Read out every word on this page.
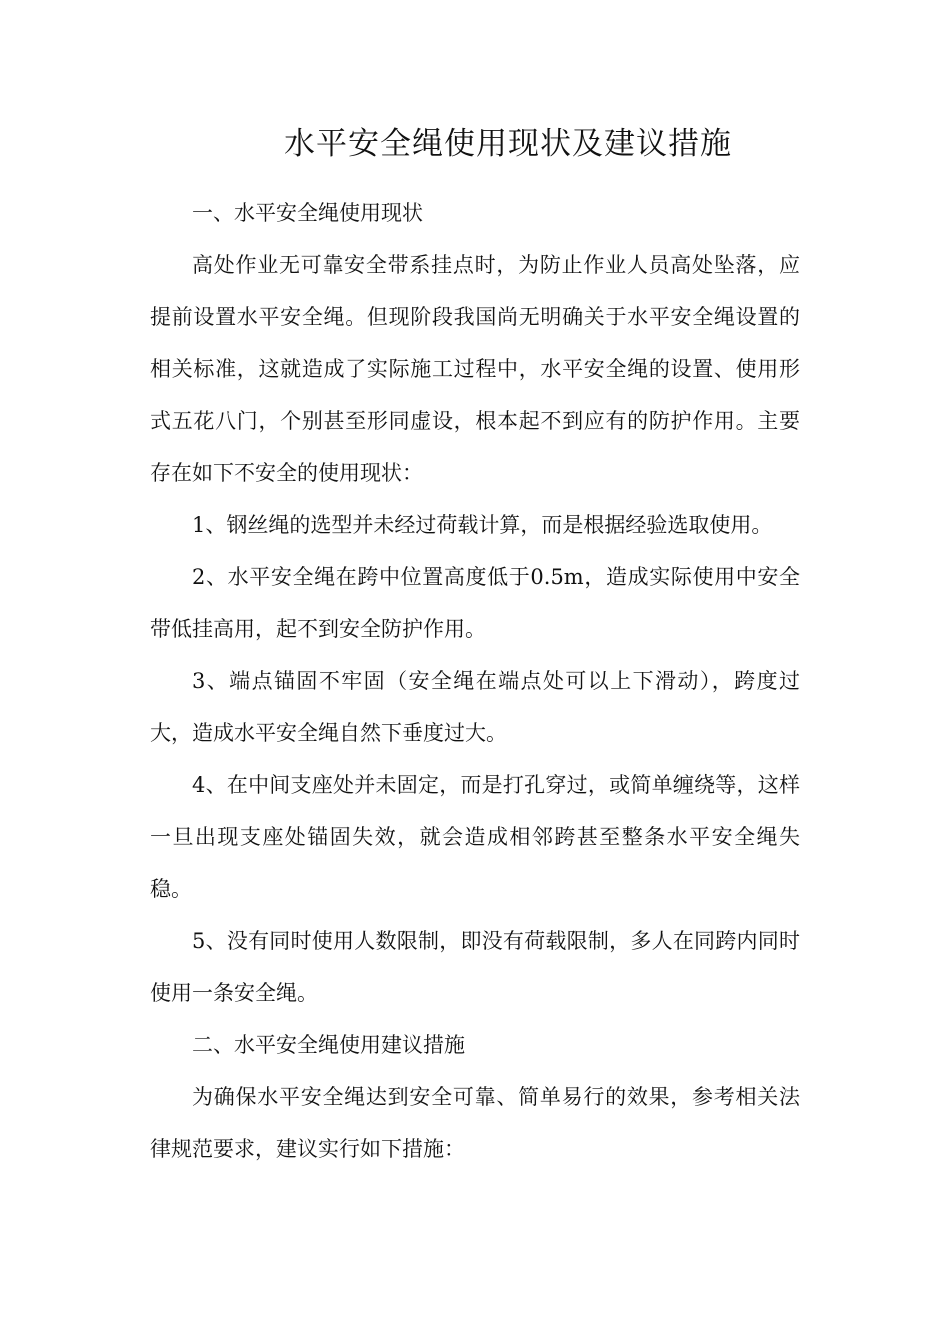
水平安全绳使用现状及建议措施

一、水平安全绳使用现状

高处作业无可靠安全带系挂点时，为防止作业人员高处坠落，应提前设置水平安全绳。但现阶段我国尚无明确关于水平安全绳设置的相关标准，这就造成了实际施工过程中，水平安全绳的设置、使用形式五花八门，个别甚至形同虚设，根本起不到应有的防护作用。主要存在如下不安全的使用现状：

1、钢丝绳的选型并未经过荷载计算，而是根据经验选取使用。

2、水平安全绳在跨中位置高度低于0.5m，造成实际使用中安全带低挂高用，起不到安全防护作用。

3、端点锚固不牢固（安全绳在端点处可以上下滑动），跨度过大，造成水平安全绳自然下垂度过大。

4、在中间支座处并未固定，而是打孔穿过，或简单缠绕等，这样一旦出现支座处锚固失效，就会造成相邻跨甚至整条水平安全绳失稳。

5、没有同时使用人数限制，即没有荷载限制，多人在同跨内同时使用一条安全绳。

二、水平安全绳使用建议措施

为确保水平安全绳达到安全可靠、简单易行的效果，参考相关法律规范要求，建议实行如下措施：
